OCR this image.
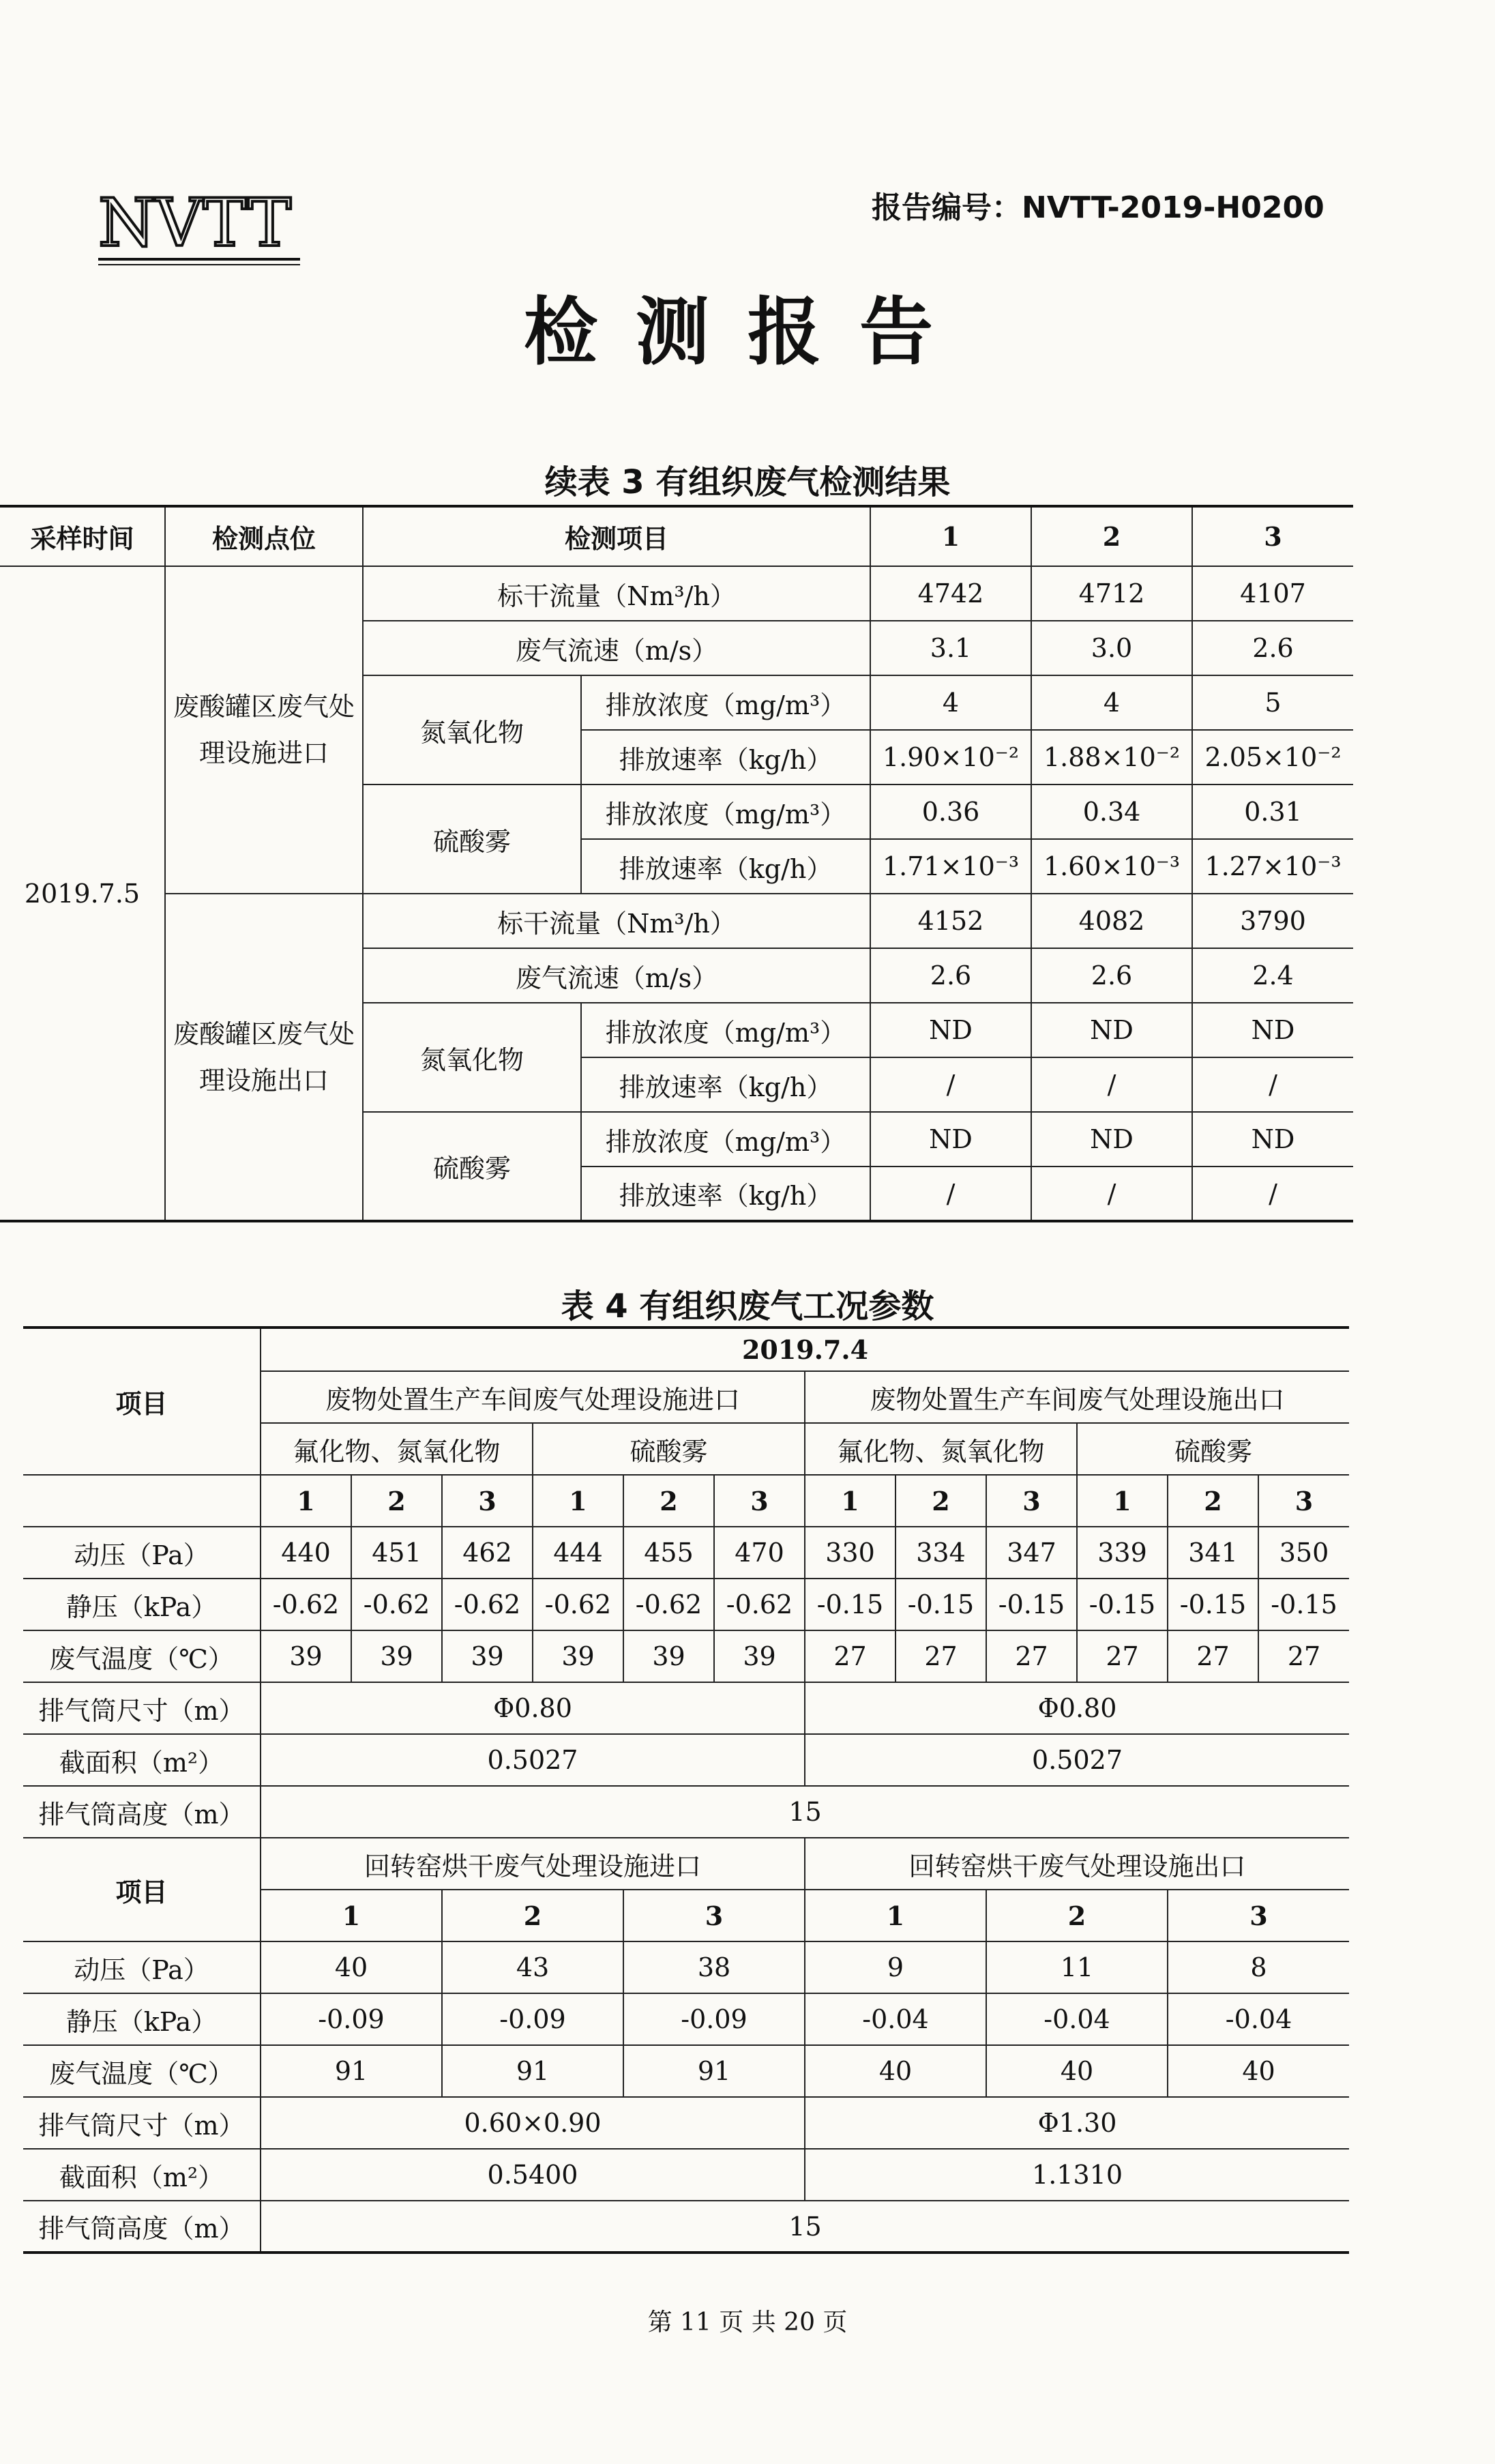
NVTT	报告编号：NVTT-2019-H0200
检测报告
续表 3 有组织废气检测结果
采样时间	检测点位	检测项目		1	2	3
2019.7.5	废酸罐区废气处理设施进口	标干流量（Nm³/h）		4742	4712	4107
		废气流速（m/s）		3.1	3.0	2.6
		氮氧化物	排放浓度（mg/m³）	4	4	5
			排放速率（kg/h）	1.90×10⁻²	1.88×10⁻²	2.05×10⁻²
		硫酸雾	排放浓度（mg/m³）	0.36	0.34	0.31
			排放速率（kg/h）	1.71×10⁻³	1.60×10⁻³	1.27×10⁻³
	废酸罐区废气处理设施出口	标干流量（Nm³/h）		4152	4082	3790
		废气流速（m/s）		2.6	2.6	2.4
		氮氧化物	排放浓度（mg/m³）	ND	ND	ND
			排放速率（kg/h）	/	/	/
		硫酸雾	排放浓度（mg/m³）	ND	ND	ND
			排放速率（kg/h）	/	/	/
表 4 有组织废气工况参数
项目	2019.7.4											
	废物处置生产车间废气处理设施进口						废物处置生产车间废气处理设施出口					
	氟化物、氮氧化物			硫酸雾			氟化物、氮氧化物			硫酸雾		
	1	2	3	1	2	3	1	2	3	1	2	3
动压（Pa）	440	451	462	444	455	470	330	334	347	339	341	350
静压（kPa）	-0.62	-0.62	-0.62	-0.62	-0.62	-0.62	-0.15	-0.15	-0.15	-0.15	-0.15	-0.15
废气温度（℃）	39	39	39	39	39	39	27	27	27	27	27	27
排气筒尺寸（m）	Φ0.80						Φ0.80					
截面积（m²）	0.5027						0.5027					
排气筒高度（m）	15											
项目	回转窑烘干废气处理设施进口						回转窑烘干废气处理设施出口					
	1		2		3		1		2		3	
动压（Pa）	40		43		38		9		11		8	
静压（kPa）	-0.09		-0.09		-0.09		-0.04		-0.04		-0.04	
废气温度（℃）	91		91		91		40		40		40	
排气筒尺寸（m）	0.60×0.90						Φ1.30					
截面积（m²）	0.5400						1.1310					
排气筒高度（m）	15											
第 11 页 共 20 页
